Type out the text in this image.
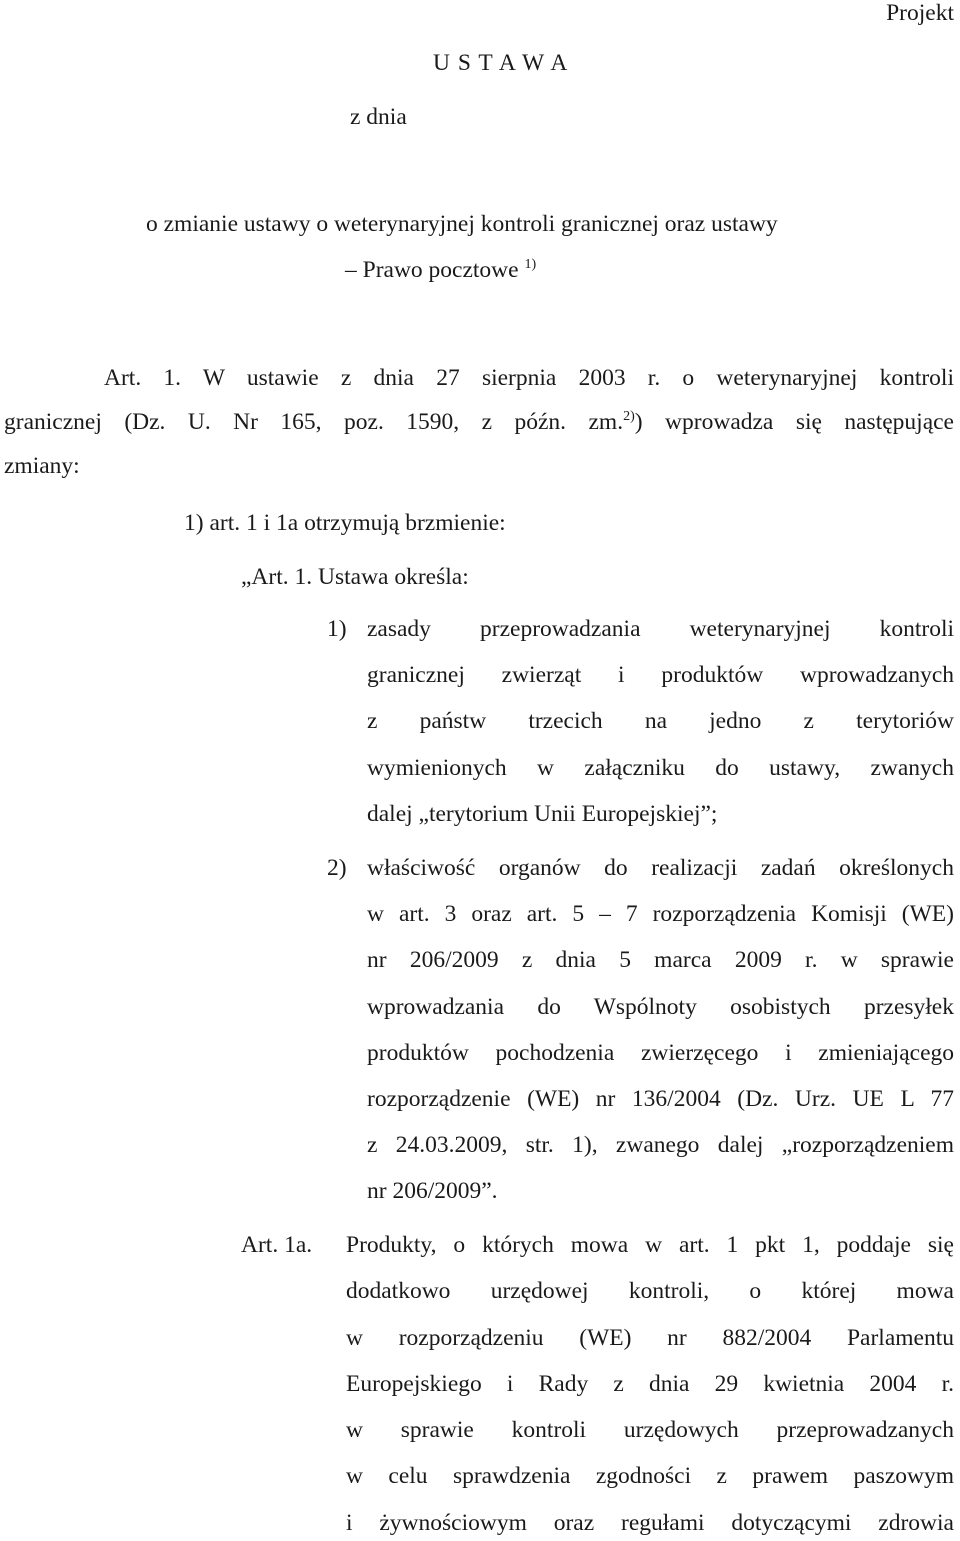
Projekt

U S T A W A

z dnia

o zmianie ustawy o weterynaryjnej kontroli granicznej oraz ustawy

– Prawo pocztowe $^{1)}$

Art. 1. W ustawie z dnia 27 sierpnia 2003 r. o weterynaryjnej kontroli

granicznej (Dz. U. Nr 165, poz. 1590, z późn. zm.$^{2)}$) wprowadza się następujące

zmiany:

1) art. 1 i 1a otrzymują brzmienie:

„Art. 1. Ustawa określa:

1) zasady przeprowadzania weterynaryjnej kontroli

granicznej zwierząt i produktów wprowadzanych

z państw trzecich na jedno z terytoriów

wymienionych w załączniku do ustawy, zwanych

dalej „terytorium Unii Europejskiej”;

2) właściwość organów do realizacji zadań określonych

w art. 3 oraz art. 5 – 7 rozporządzenia Komisji (WE)

nr 206/2009 z dnia 5 marca 2009 r. w sprawie

wprowadzania do Wspólnoty osobistych przesyłek

produktów pochodzenia zwierzęcego i zmieniającego

rozporządzenie (WE) nr 136/2004 (Dz. Urz. UE L 77

z 24.03.2009, str. 1), zwanego dalej „rozporządzeniem

nr 206/2009”.

Art. 1a. Produkty, o których mowa w art. 1 pkt 1, poddaje się

dodatkowo urzędowej kontroli, o której mowa

w rozporządzeniu (WE) nr 882/2004 Parlamentu

Europejskiego i Rady z dnia 29 kwietnia 2004 r.

w sprawie kontroli urzędowych przeprowadzanych

w celu sprawdzenia zgodności z prawem paszowym

i żywnościowym oraz regułami dotyczącymi zdrowia
